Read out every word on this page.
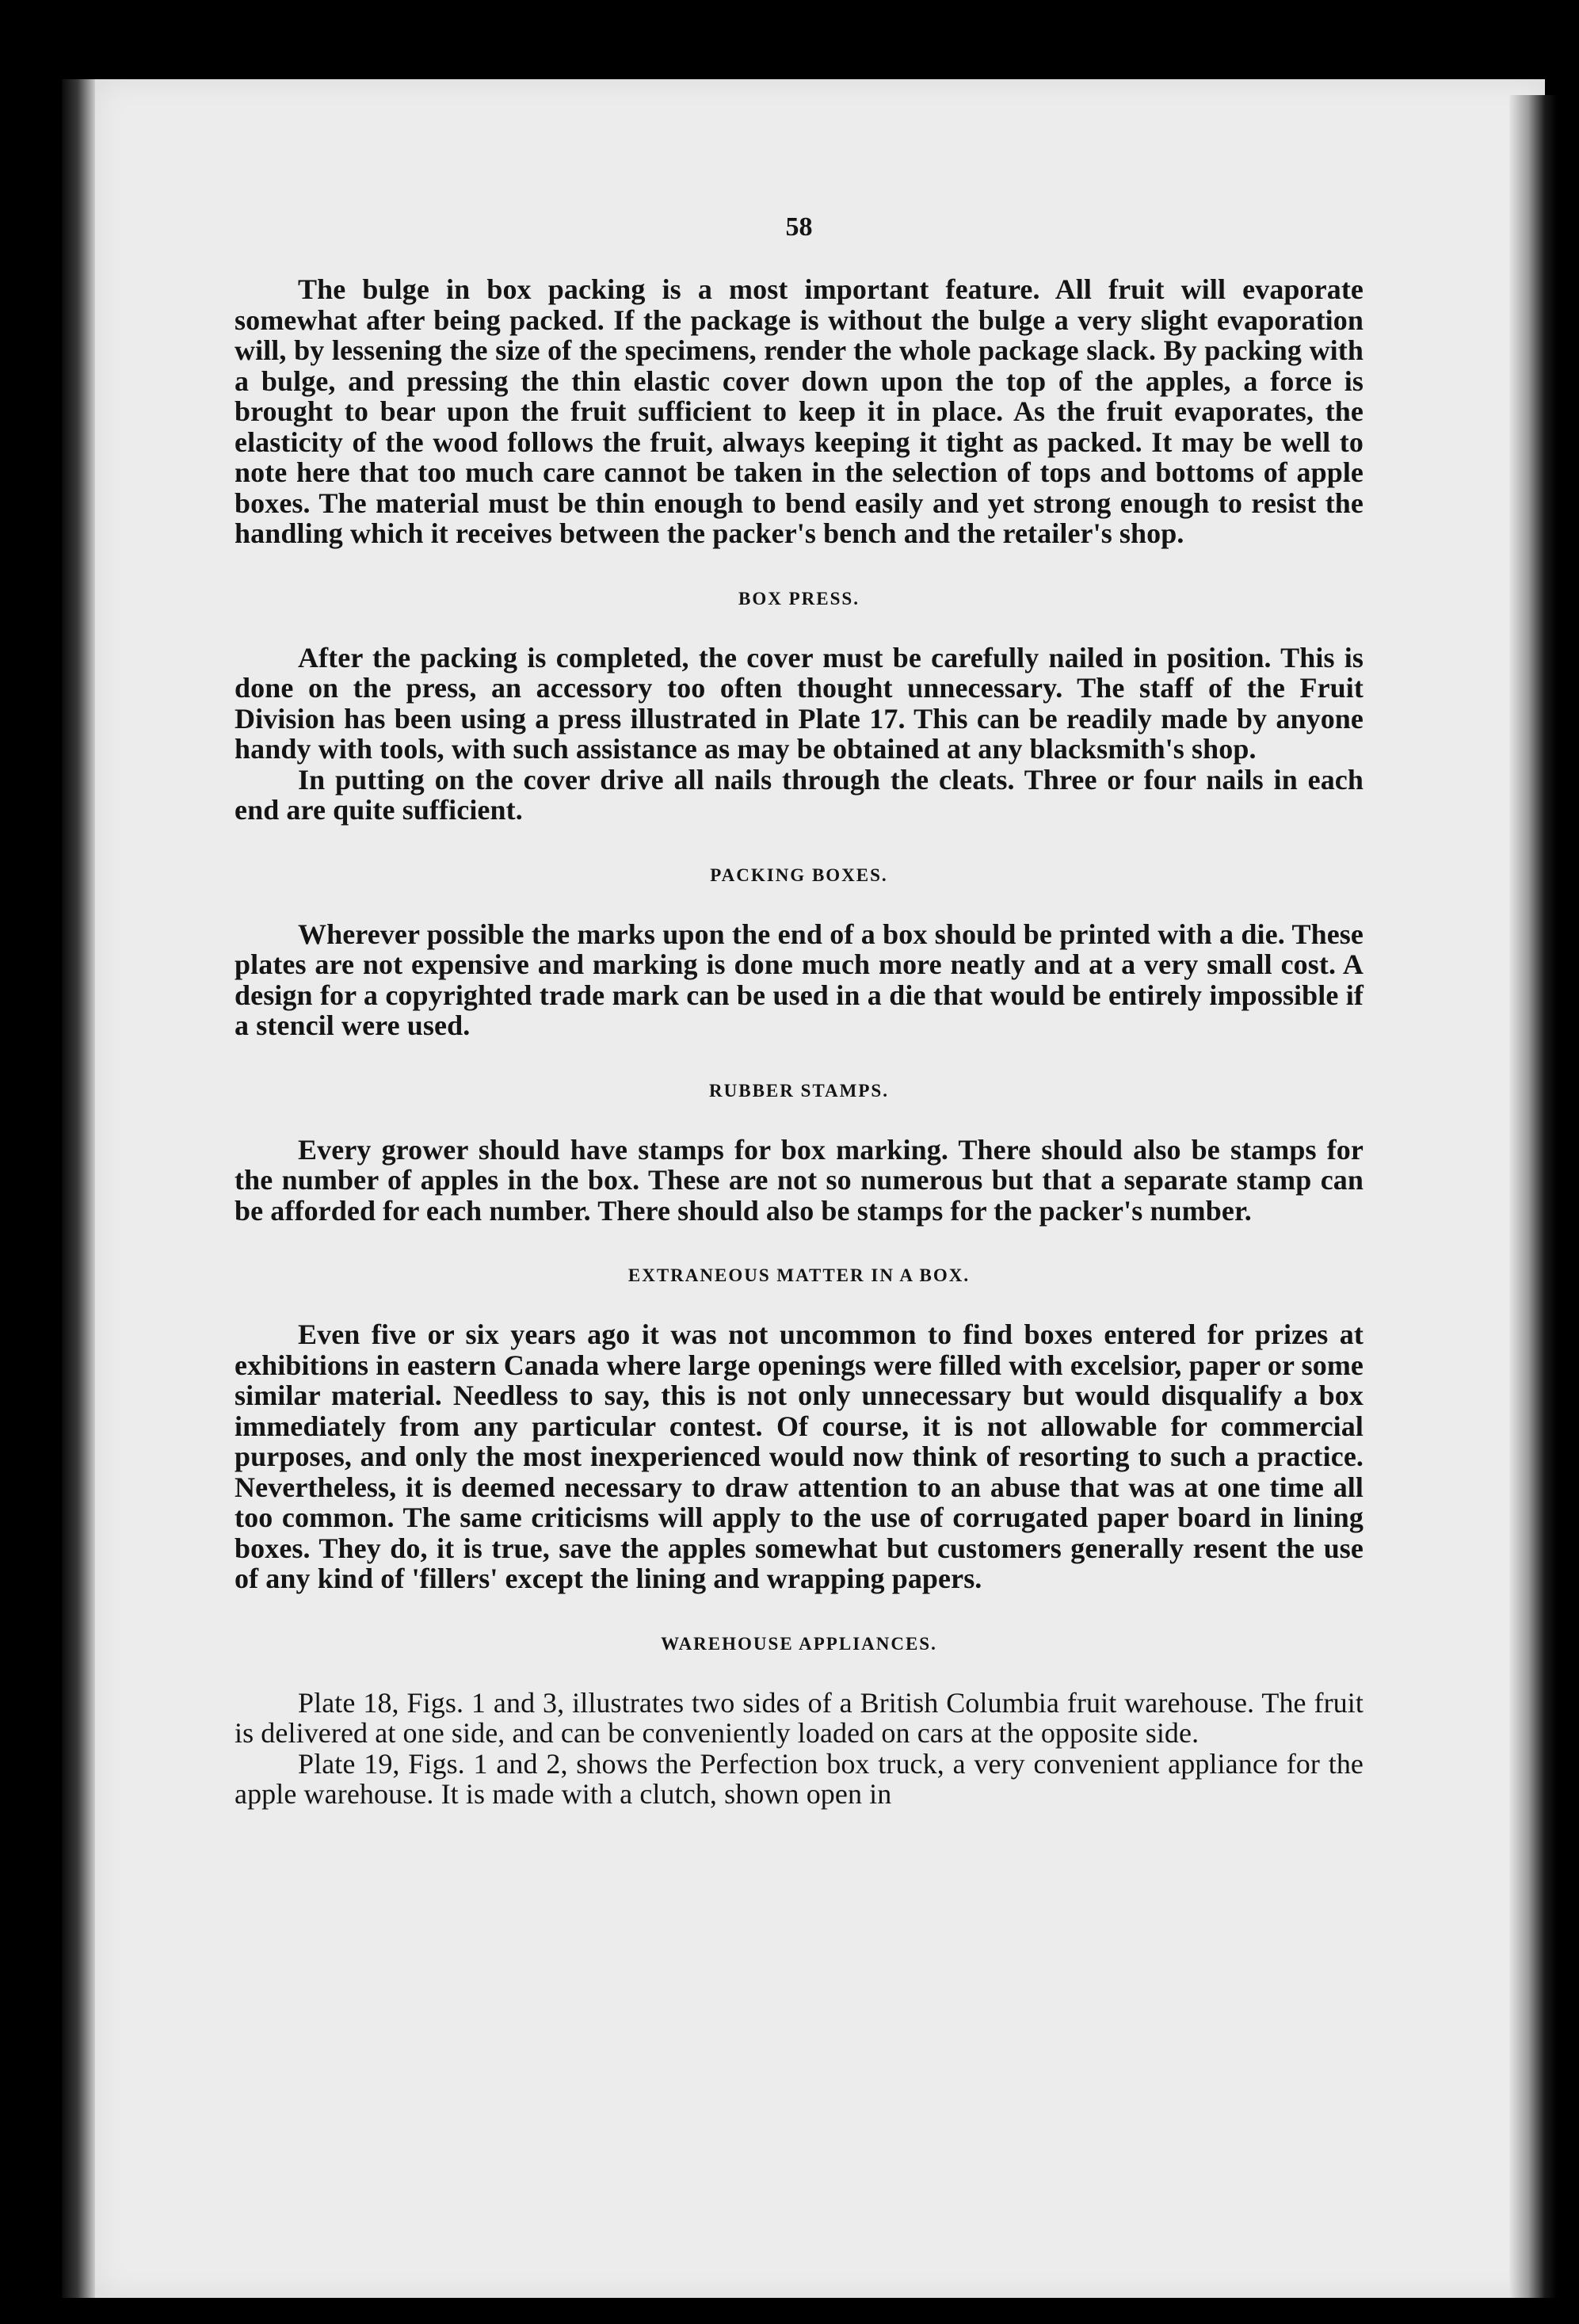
58

The bulge in box packing is a most important feature. All fruit will evaporate somewhat after being packed. If the package is without the bulge a very slight evaporation will, by lessening the size of the specimens, render the whole package slack. By packing with a bulge, and pressing the thin elastic cover down upon the top of the apples, a force is brought to bear upon the fruit sufficient to keep it in place. As the fruit evaporates, the elasticity of the wood follows the fruit, always keeping it tight as packed. It may be well to note here that too much care cannot be taken in the selection of tops and bottoms of apple boxes. The material must be thin enough to bend easily and yet strong enough to resist the handling which it receives between the packer's bench and the retailer's shop.

BOX PRESS.

After the packing is completed, the cover must be carefully nailed in position. This is done on the press, an accessory too often thought unnecessary. The staff of the Fruit Division has been using a press illustrated in Plate 17. This can be readily made by anyone handy with tools, with such assistance as may be obtained at any blacksmith's shop.

In putting on the cover drive all nails through the cleats. Three or four nails in each end are quite sufficient.

PACKING BOXES.

Wherever possible the marks upon the end of a box should be printed with a die. These plates are not expensive and marking is done much more neatly and at a very small cost. A design for a copyrighted trade mark can be used in a die that would be entirely impossible if a stencil were used.

RUBBER STAMPS.

Every grower should have stamps for box marking. There should also be stamps for the number of apples in the box. These are not so numerous but that a separate stamp can be afforded for each number. There should also be stamps for the packer's number.

EXTRANEOUS MATTER IN A BOX.

Even five or six years ago it was not uncommon to find boxes entered for prizes at exhibitions in eastern Canada where large openings were filled with excelsior, paper or some similar material. Needless to say, this is not only unnecessary but would disqualify a box immediately from any particular contest. Of course, it is not allowable for commercial purposes, and only the most inexperienced would now think of resorting to such a practice. Nevertheless, it is deemed necessary to draw attention to an abuse that was at one time all too common. The same criticisms will apply to the use of corrugated paper board in lining boxes. They do, it is true, save the apples somewhat but customers generally resent the use of any kind of 'fillers' except the lining and wrapping papers.

WAREHOUSE APPLIANCES.

Plate 18, Figs. 1 and 3, illustrates two sides of a British Columbia fruit warehouse. The fruit is delivered at one side, and can be conveniently loaded on cars at the opposite side.

Plate 19, Figs. 1 and 2, shows the Perfection box truck, a very convenient appliance for the apple warehouse. It is made with a clutch, shown open in
